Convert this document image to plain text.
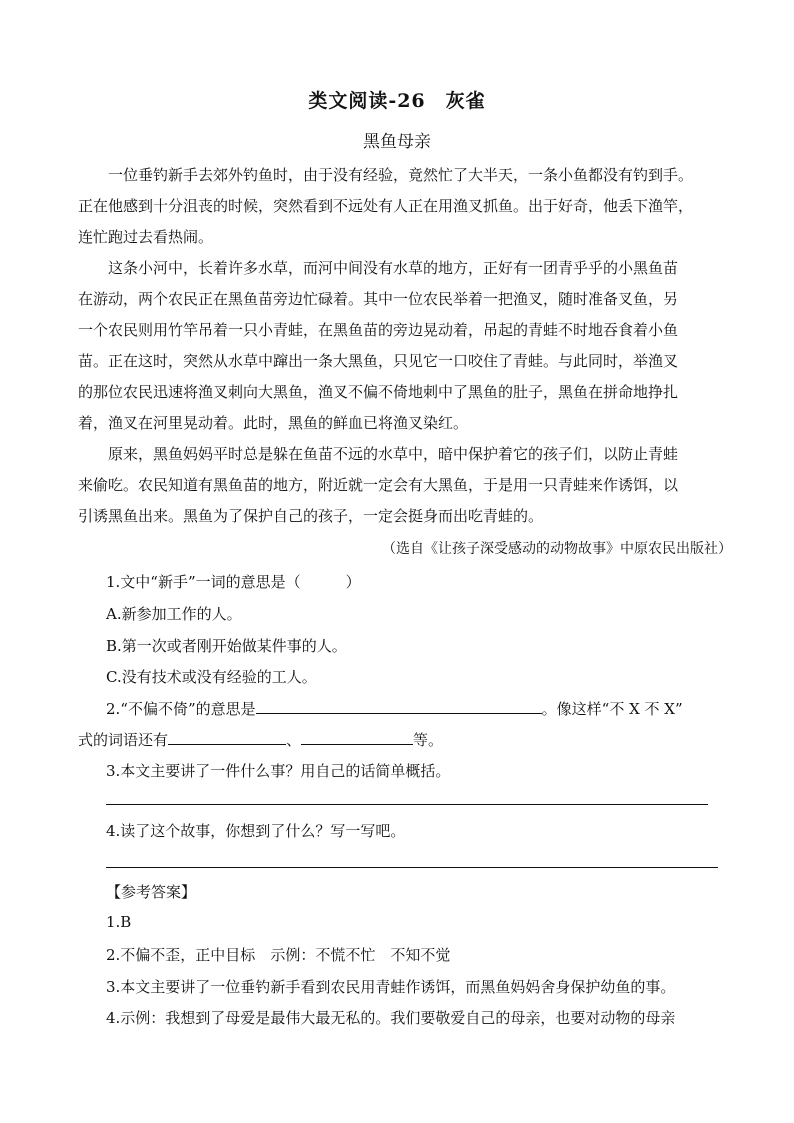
类文阅读-26　灰雀
黑鱼母亲
　　一位垂钓新手去郊外钓鱼时，由于没有经验，竟然忙了大半天，一条小鱼都没有钓到手。
正在他感到十分沮丧的时候，突然看到不远处有人正在用渔叉抓鱼。出于好奇，他丢下渔竿，
连忙跑过去看热闹。
　　这条小河中，长着许多水草，而河中间没有水草的地方，正好有一团青乎乎的小黑鱼苗
在游动，两个农民正在黑鱼苗旁边忙碌着。其中一位农民举着一把渔叉，随时准备叉鱼，另
一个农民则用竹竿吊着一只小青蛙，在黑鱼苗的旁边晃动着，吊起的青蛙不时地吞食着小鱼
苗。正在这时，突然从水草中蹿出一条大黑鱼，只见它一口咬住了青蛙。与此同时，举渔叉
的那位农民迅速将渔叉刺向大黑鱼，渔叉不偏不倚地刺中了黑鱼的肚子，黑鱼在拼命地挣扎
着，渔叉在河里晃动着。此时，黑鱼的鲜血已将渔叉染红。
　　原来，黑鱼妈妈平时总是躲在鱼苗不远的水草中，暗中保护着它的孩子们，以防止青蛙
来偷吃。农民知道有黑鱼苗的地方，附近就一定会有大黑鱼，于是用一只青蛙来作诱饵，以
引诱黑鱼出来。黑鱼为了保护自己的孩子，一定会挺身而出吃青蛙的。
（选自《让孩子深受感动的动物故事》中原农民出版社）
1.文中“新手”一词的意思是（　　　）
A.新参加工作的人。
B.第一次或者刚开始做某件事的人。
C.没有技术或没有经验的工人。
2.“不偏不倚”的意思是	。像这样“不 X 不 X”
式的词语还有	、	等。
3.本文主要讲了一件什么事？用自己的话简单概括。
4.读了这个故事，你想到了什么？写一写吧。
【参考答案】
1.B
2.不偏不歪，正中目标　示例：不慌不忙　不知不觉
3.本文主要讲了一位垂钓新手看到农民用青蛙作诱饵，而黑鱼妈妈舍身保护幼鱼的事。
4.示例：我想到了母爱是最伟大最无私的。我们要敬爱自己的母亲，也要对动物的母亲
